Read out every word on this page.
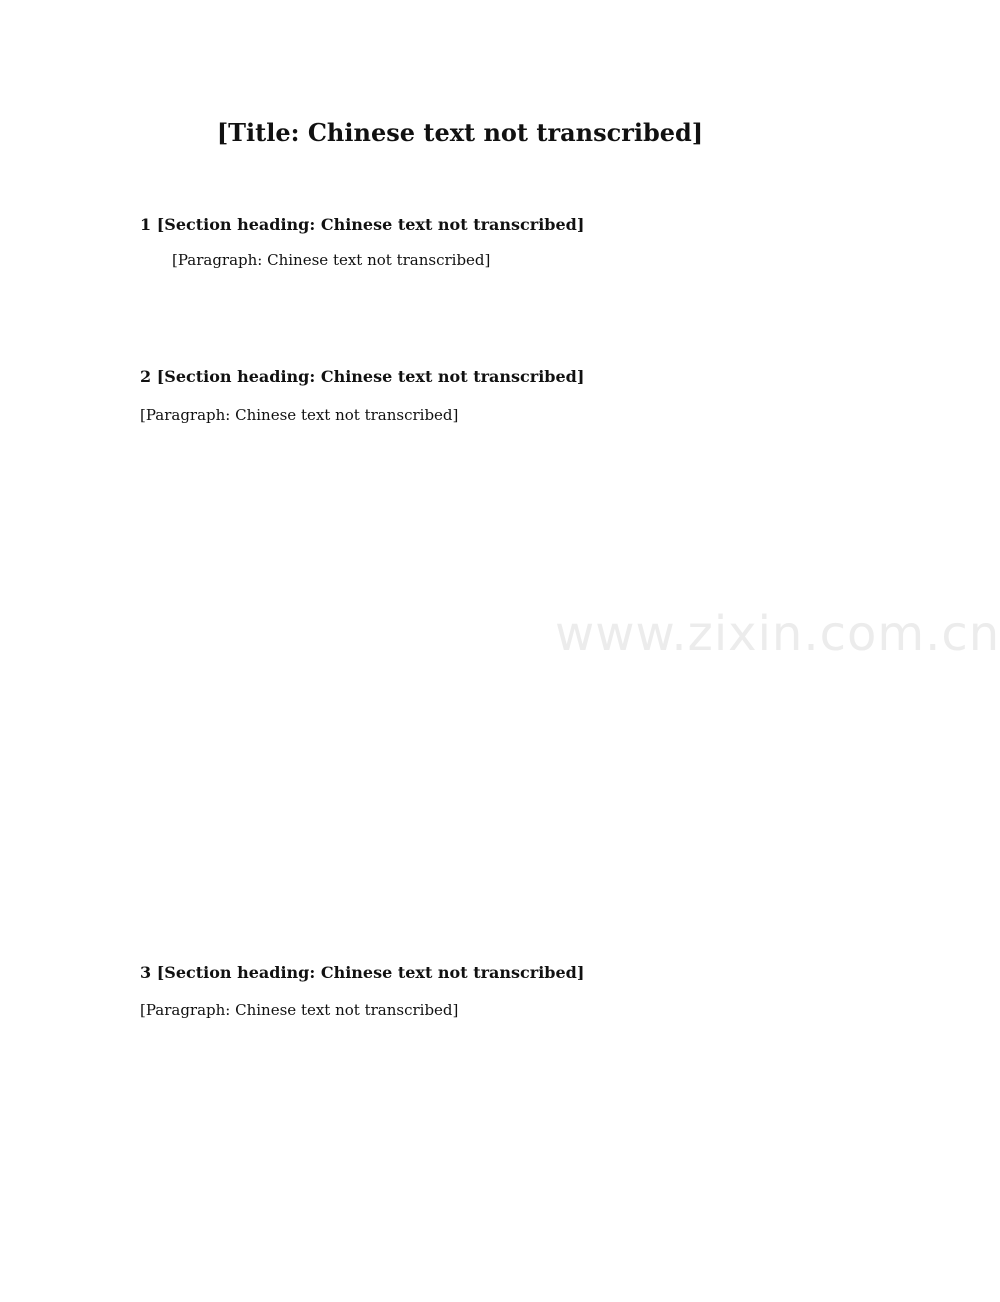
www.zixin.com.cn
[Title: Chinese text not transcribed]
1 [Section heading: Chinese text not transcribed]
[Paragraph: Chinese text not transcribed]
2 [Section heading: Chinese text not transcribed]
[Paragraph: Chinese text not transcribed]
3 [Section heading: Chinese text not transcribed]
[Paragraph: Chinese text not transcribed]
